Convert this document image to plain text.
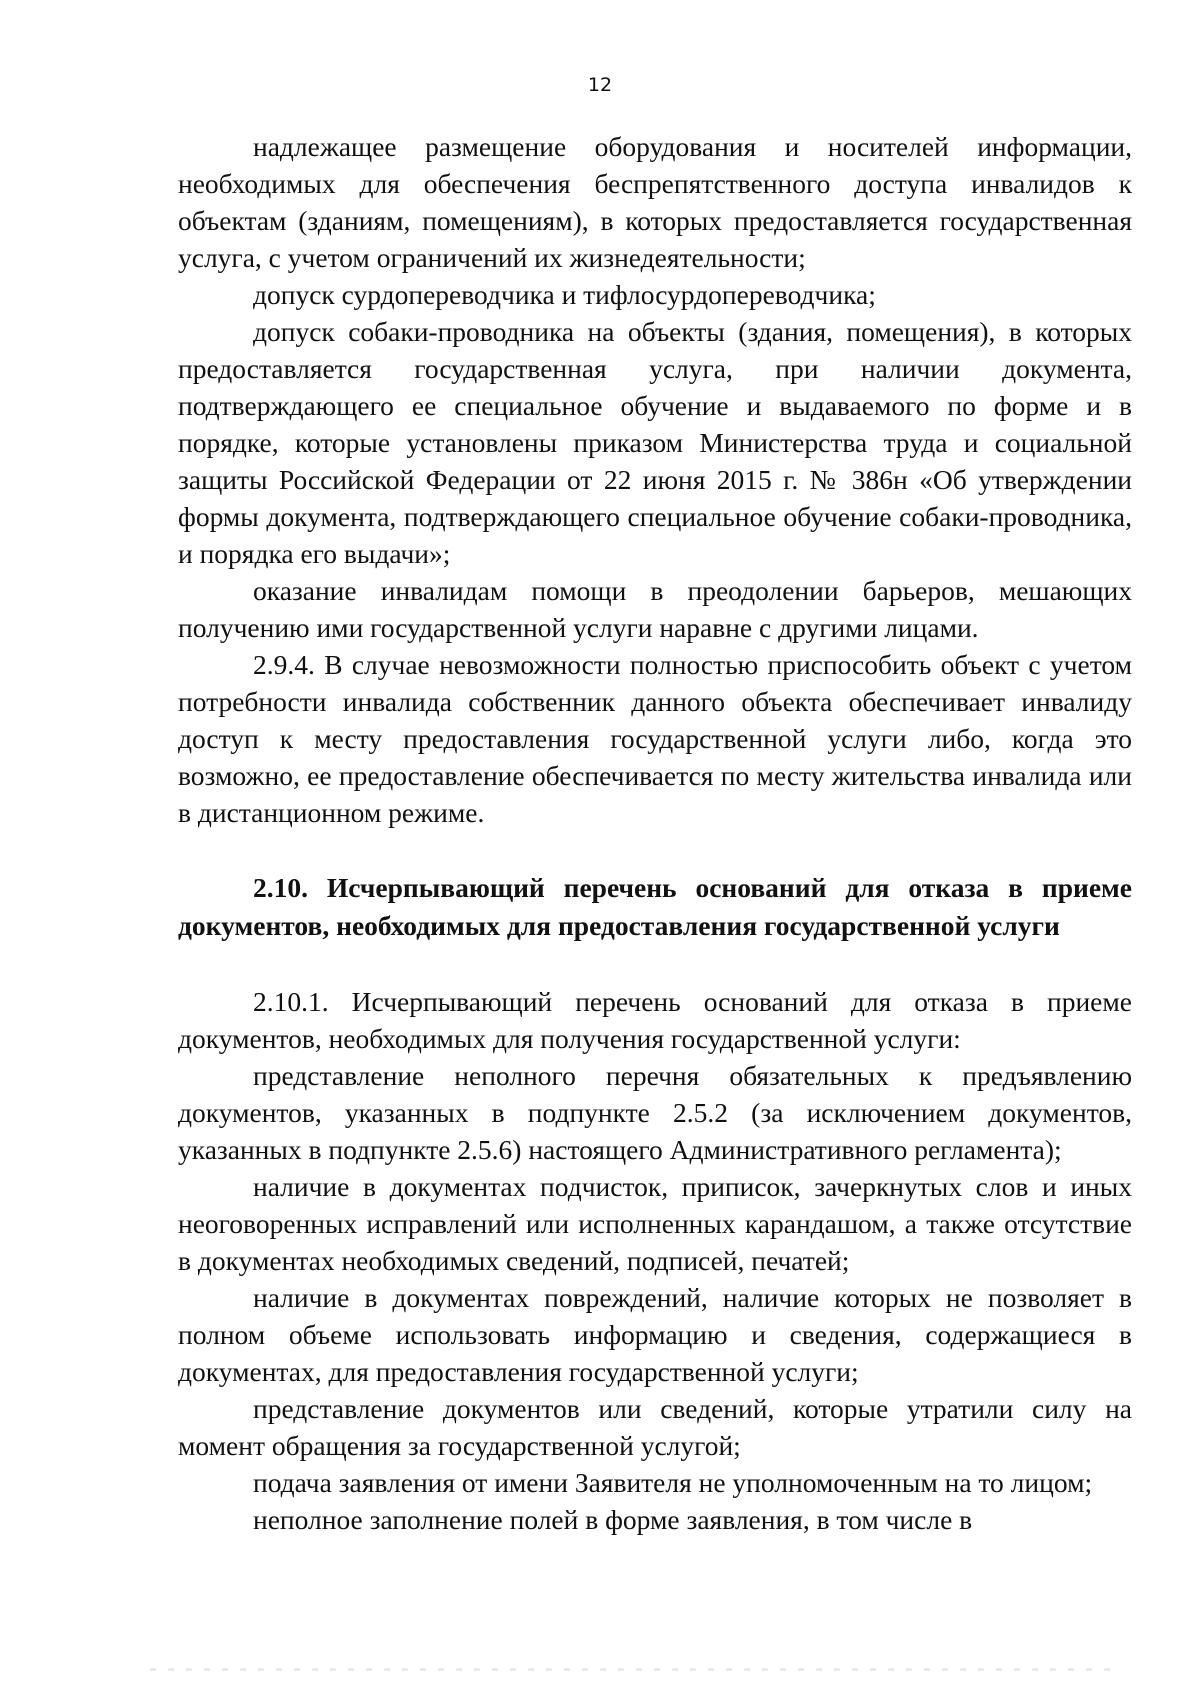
12

надлежащее размещение оборудования и носителей информации, необходимых для обеспечения беспрепятственного доступа инвалидов к объектам (зданиям, помещениям), в которых предоставляется государственная услуга, с учетом ограничений их жизнедеятельности;

допуск сурдопереводчика и тифлосурдопереводчика;

допуск собаки-проводника на объекты (здания, помещения), в которых предоставляется государственная услуга, при наличии документа, подтверждающего ее специальное обучение и выдаваемого по форме и в порядке, которые установлены приказом Министерства труда и социальной защиты Российской Федерации от 22 июня 2015 г. № 386н «Об утверждении формы документа, подтверждающего специальное обучение собаки-проводника, и порядка его выдачи»;

оказание инвалидам помощи в преодолении барьеров, мешающих получению ими государственной услуги наравне с другими лицами.

2.9.4. В случае невозможности полностью приспособить объект с учетом потребности инвалида собственник данного объекта обеспечивает инвалиду доступ к месту предоставления государственной услуги либо, когда это возможно, ее предоставление обеспечивается по месту жительства инвалида или в дистанционном режиме.

2.10. Исчерпывающий перечень оснований для отказа в приеме документов, необходимых для предоставления государственной услуги

2.10.1. Исчерпывающий перечень оснований для отказа в приеме документов, необходимых для получения государственной услуги:

представление неполного перечня обязательных к предъявлению документов, указанных в подпункте 2.5.2 (за исключением документов, указанных в подпункте 2.5.6) настоящего Административного регламента);

наличие в документах подчисток, приписок, зачеркнутых слов и иных неоговоренных исправлений или исполненных карандашом, а также отсутствие в документах необходимых сведений, подписей, печатей;

наличие в документах повреждений, наличие которых не позволяет в полном объеме использовать информацию и сведения, содержащиеся в документах, для предоставления государственной услуги;

представление документов или сведений, которые утратили силу на момент обращения за государственной услугой;

подача заявления от имени Заявителя не уполномоченным на то лицом;

неполное заполнение полей в форме заявления, в том числе в
